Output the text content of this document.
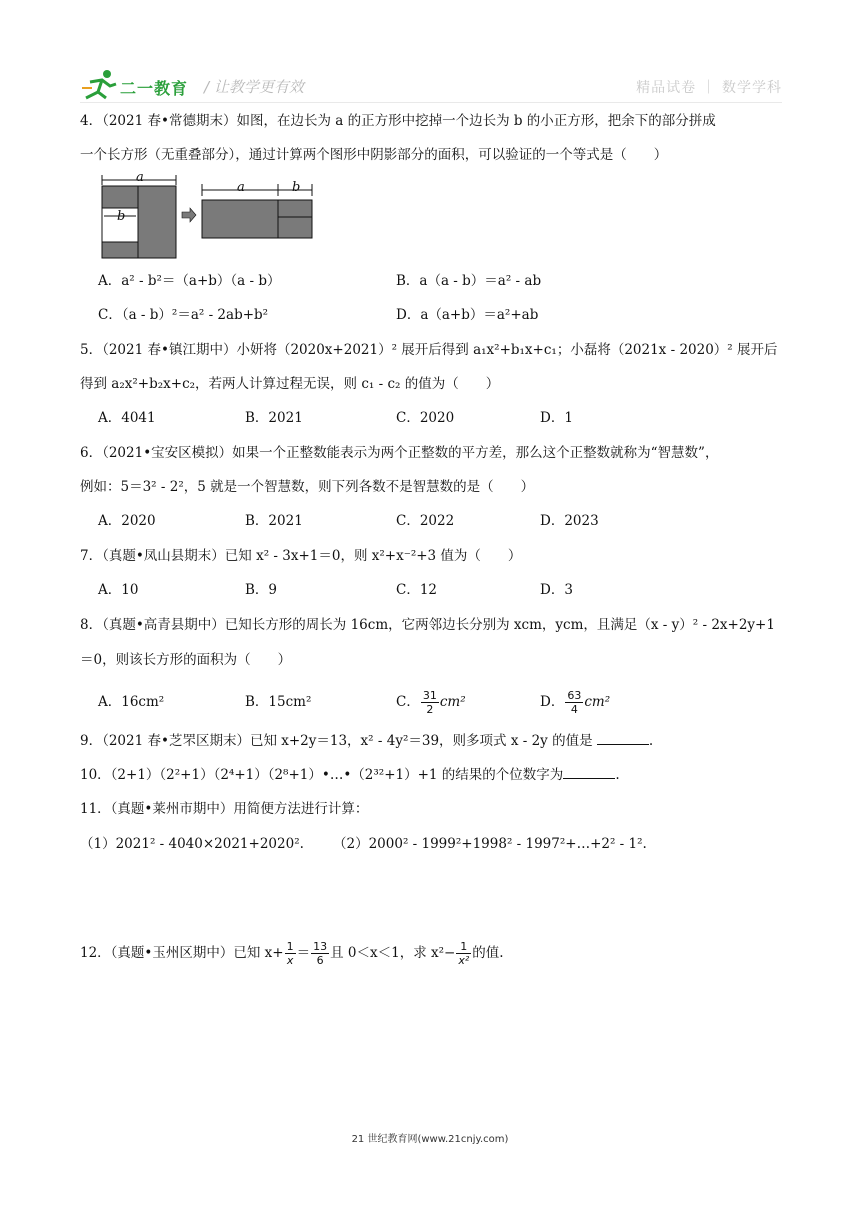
二一教育 / 让教学更有效	精品试卷 ｜ 数学学科
4．（2021 春•常德期末）如图，在边长为 a 的正方形中挖掉一个边长为 b 的小正方形，把余下的部分拼成
一个长方形（无重叠部分），通过计算两个图形中阴影部分的面积，可以验证的一个等式是（　　）
a
b
a	b
A．a² - b²＝（a+b）（a - b）	B．a（a - b）＝a² - ab
C．（a - b）²＝a² - 2ab+b²	D．a（a+b）＝a²+ab
5．（2021 春•镇江期中）小妍将（2020x+2021）² 展开后得到 a₁x²+b₁x+c₁；小磊将（2021x - 2020）² 展开后
得到 a₂x²+b₂x+c₂，若两人计算过程无误，则 c₁ - c₂ 的值为（　　）
A．4041	B．2021	C．2020	D．1
6．（2021•宝安区模拟）如果一个正整数能表示为两个正整数的平方差，那么这个正整数就称为“智慧数”，
例如：5＝3² - 2²，5 就是一个智慧数，则下列各数不是智慧数的是（　　）
A．2020	B．2021	C．2022	D．2023
7．（真题•凤山县期末）已知 x² - 3x+1＝0，则 x²+x⁻²+3 值为（　　）
A．10	B．9	C．12	D．3
8．（真题•高青县期中）已知长方形的周长为 16cm，它两邻边长分别为 xcm，ycm，且满足（x - y）² - 2x+2y+1
＝0，则该长方形的面积为（　　）
A．16cm²	B．15cm²	C． $\frac{31}{2} cm^2$	D． $\frac{63}{4} cm^2$
9．（2021 春•芝罘区期末）已知 x+2y＝13，x² - 4y²＝39，则多项式 x - 2y 的值是	.
10．（2+1）（2²+1）（2⁴+1）（2⁸+1）•…•（2³²+1）+1 的结果的个位数字为	.
11．（真题•莱州市期中）用简便方法进行计算：
（1）2021² - 4040×2021+2020². （2）2000² - 1999²+1998² - 1997²+…+2² - 1².
12．（真题•玉州区期中）已知 $x+ \frac{1}{x} = \frac{13}{6}$ 且 0＜x＜1，求 $x^2- \frac{1}{\text{x²}}$ 的值.
21 世纪教育网(www.21cnjy.com)
